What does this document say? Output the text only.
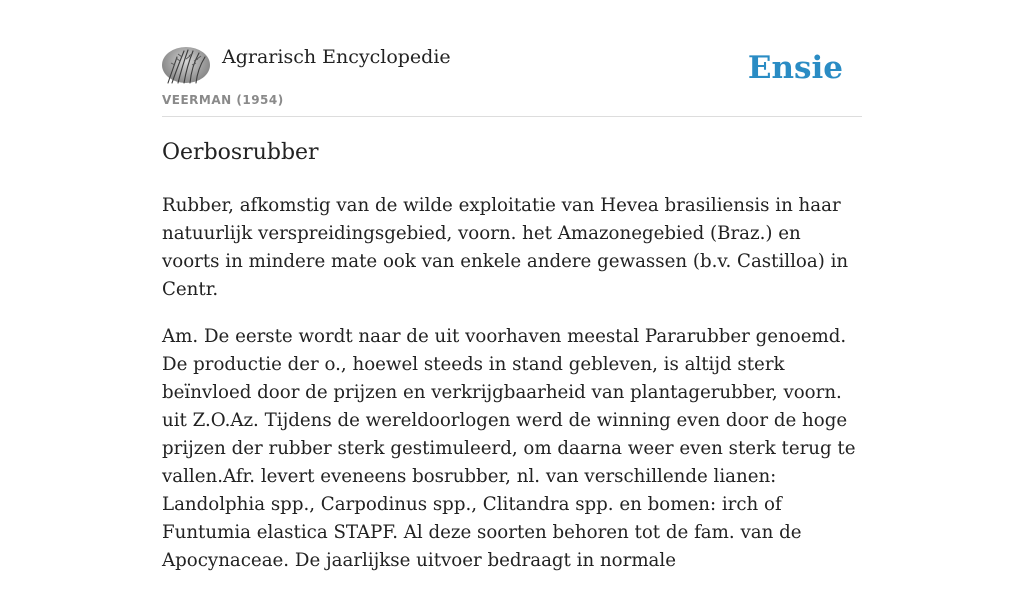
Agrarisch Encyclopedie
VEERMAN (1954)
Ensie
Oerbosrubber

Rubber, afkomstig van de wilde exploitatie van Hevea brasiliensis in haar natuurlijk verspreidingsgebied, voorn. het Amazonegebied (Braz.) en voorts in mindere mate ook van enkele andere gewassen (b.v. Castilloa) in Centr.

Am. De eerste wordt naar de uit voorhaven meestal Pararubber genoemd. De productie der o., hoewel steeds in stand gebleven, is altijd sterk beïnvloed door de prijzen en verkrijgbaarheid van plantagerubber, voorn. uit Z.O.Az. Tijdens de wereldoorlogen werd de winning even door de hoge prijzen der rubber sterk gestimuleerd, om daarna weer even sterk terug te vallen.Afr. levert eveneens bosrubber, nl. van verschillende lianen: Landolphia spp., Carpodinus spp., Clitandra spp. en bomen: irch of Funtumia elastica STAPF. Al deze soorten behoren tot de fam. van de Apocynaceae. De jaarlijkse uitvoer bedraagt in normale
